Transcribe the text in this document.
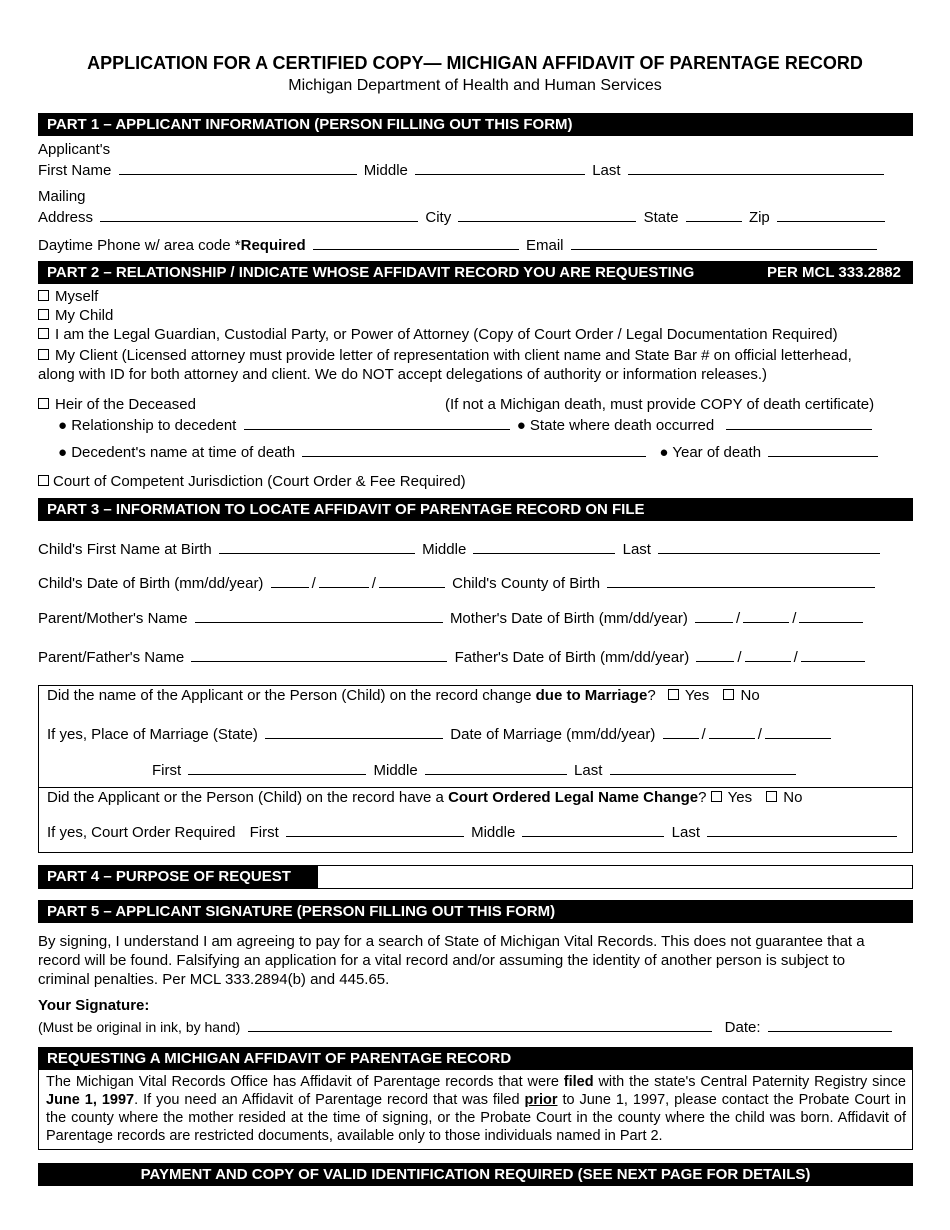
APPLICATION FOR A CERTIFIED COPY— MICHIGAN AFFIDAVIT OF PARENTAGE RECORD
Michigan Department of Health and Human Services
PART 1 – APPLICANT INFORMATION (PERSON FILLING OUT THIS FORM)
Applicant's
First Name	Middle	Last
Mailing
Address	City	State	Zip
Daytime Phone w/ area code *Required	Email
PART 2 – RELATIONSHIP / INDICATE WHOSE AFFIDAVIT RECORD YOU ARE REQUESTING	PER MCL 333.2882
Myself
My Child
I am the Legal Guardian, Custodial Party, or Power of Attorney (Copy of Court Order / Legal Documentation Required)
My Client (Licensed attorney must provide letter of representation with client name and State Bar # on official letterhead,
along with ID for both attorney and client. We do NOT accept delegations of authority or information releases.)
Heir of the Deceased	(If not a Michigan death, must provide COPY of death certificate)
● Relationship to decedent	● State where death occurred
● Decedent's name at time of death	● Year of death
Court of Competent Jurisdiction (Court Order & Fee Required)
PART 3 – INFORMATION TO LOCATE AFFIDAVIT OF PARENTAGE RECORD ON FILE
Child's First Name at Birth	Middle	Last
Child's Date of Birth (mm/dd/year)	/	/	Child's County of Birth
Parent/Mother's Name	Mother's Date of Birth (mm/dd/year)	/	/
Parent/Father's Name	Father's Date of Birth (mm/dd/year)	/	/
Did the name of the Applicant or the Person (Child) on the record change due to Marriage? Yes No
If yes, Place of Marriage (State)	Date of Marriage (mm/dd/year)	/	/
First	Middle	Last
Did the Applicant or the Person (Child) on the record have a Court Ordered Legal Name Change? Yes No
If yes, Court Order Required First	Middle	Last
PART 4 – PURPOSE OF REQUEST
PART 5 – APPLICANT SIGNATURE (PERSON FILLING OUT THIS FORM)
By signing, I understand I am agreeing to pay for a search of State of Michigan Vital Records. This does not guarantee that a record will be found. Falsifying an application for a vital record and/or assuming the identity of another person is subject to criminal penalties. Per MCL 333.2894(b) and 445.65.
Your Signature:
(Must be original in ink, by hand)	Date:
REQUESTING A MICHIGAN AFFIDAVIT OF PARENTAGE RECORD
The Michigan Vital Records Office has Affidavit of Parentage records that were filed with the state's Central Paternity Registry since June 1, 1997. If you need an Affidavit of Parentage record that was filed prior to June 1, 1997, please contact the Probate Court in the county where the mother resided at the time of signing, or the Probate Court in the county where the child was born. Affidavit of Parentage records are restricted documents, available only to those individuals named in Part 2.
PAYMENT AND COPY OF VALID IDENTIFICATION REQUIRED (SEE NEXT PAGE FOR DETAILS)
